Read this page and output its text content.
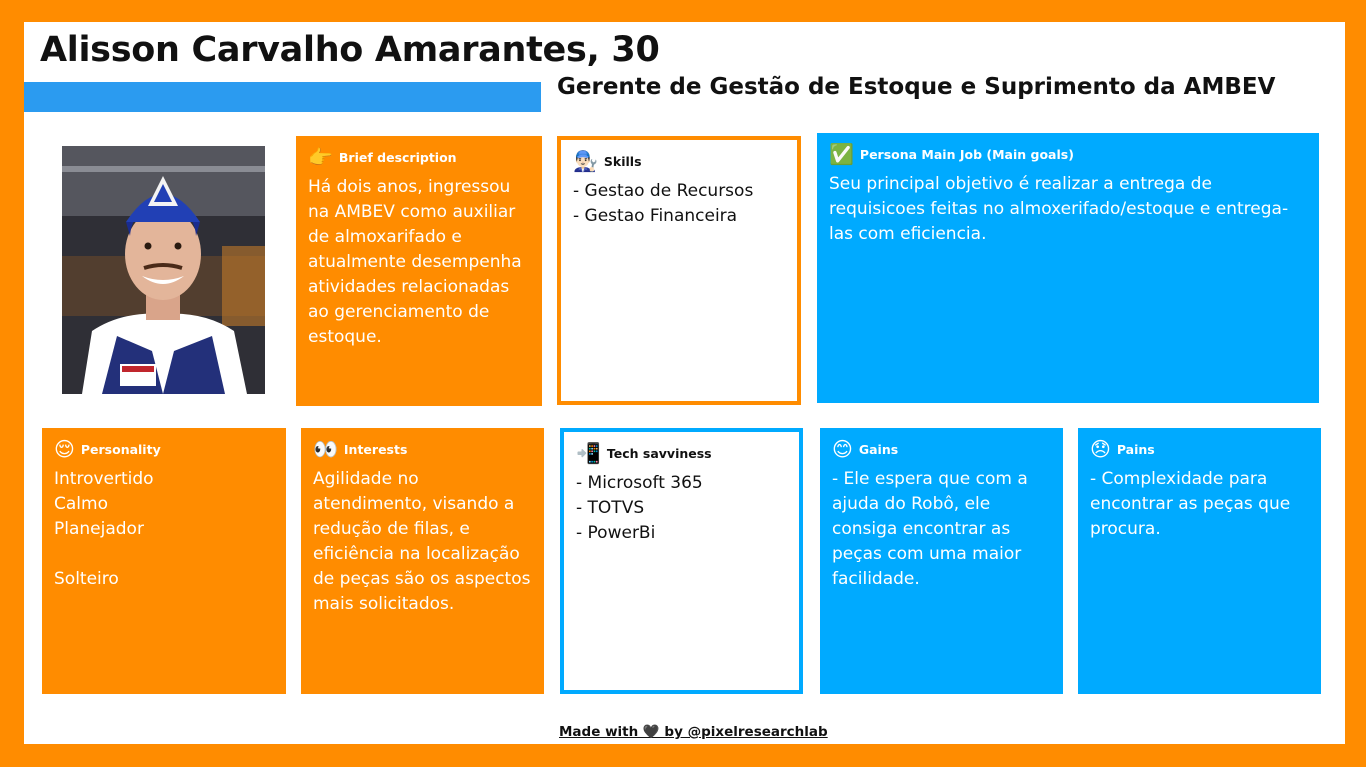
Alisson Carvalho Amarantes, 30
Gerente de Gestão de Estoque e Suprimento da AMBEV
👉 Brief description
Há dois anos, ingressou na AMBEV como auxiliar de almoxarifado e atualmente desempenha atividades relacionadas ao gerenciamento de estoque.
👨🏻‍🔧 Skills
- Gestao de Recursos
- Gestao Financeira
✅ Persona Main Job (Main goals)
Seu principal objetivo é realizar a entrega de requisicoes feitas no almoxerifado/estoque e entrega-las com eficiencia.
😌 Personality
Introvertido
Calmo
Planejador

Solteiro
👀 Interests
Agilidade no atendimento, visando a redução de filas, e eficiência na localização de peças são os aspectos mais solicitados.
📲 Tech savviness
- Microsoft 365
- TOTVS
- PowerBi
😊 Gains
- Ele espera que com a ajuda do Robô, ele consiga encontrar as peças com uma maior facilidade.
😞 Pains
- Complexidade para encontrar as peças que procura.

Made with 🖤 by @pixelresearchlab
